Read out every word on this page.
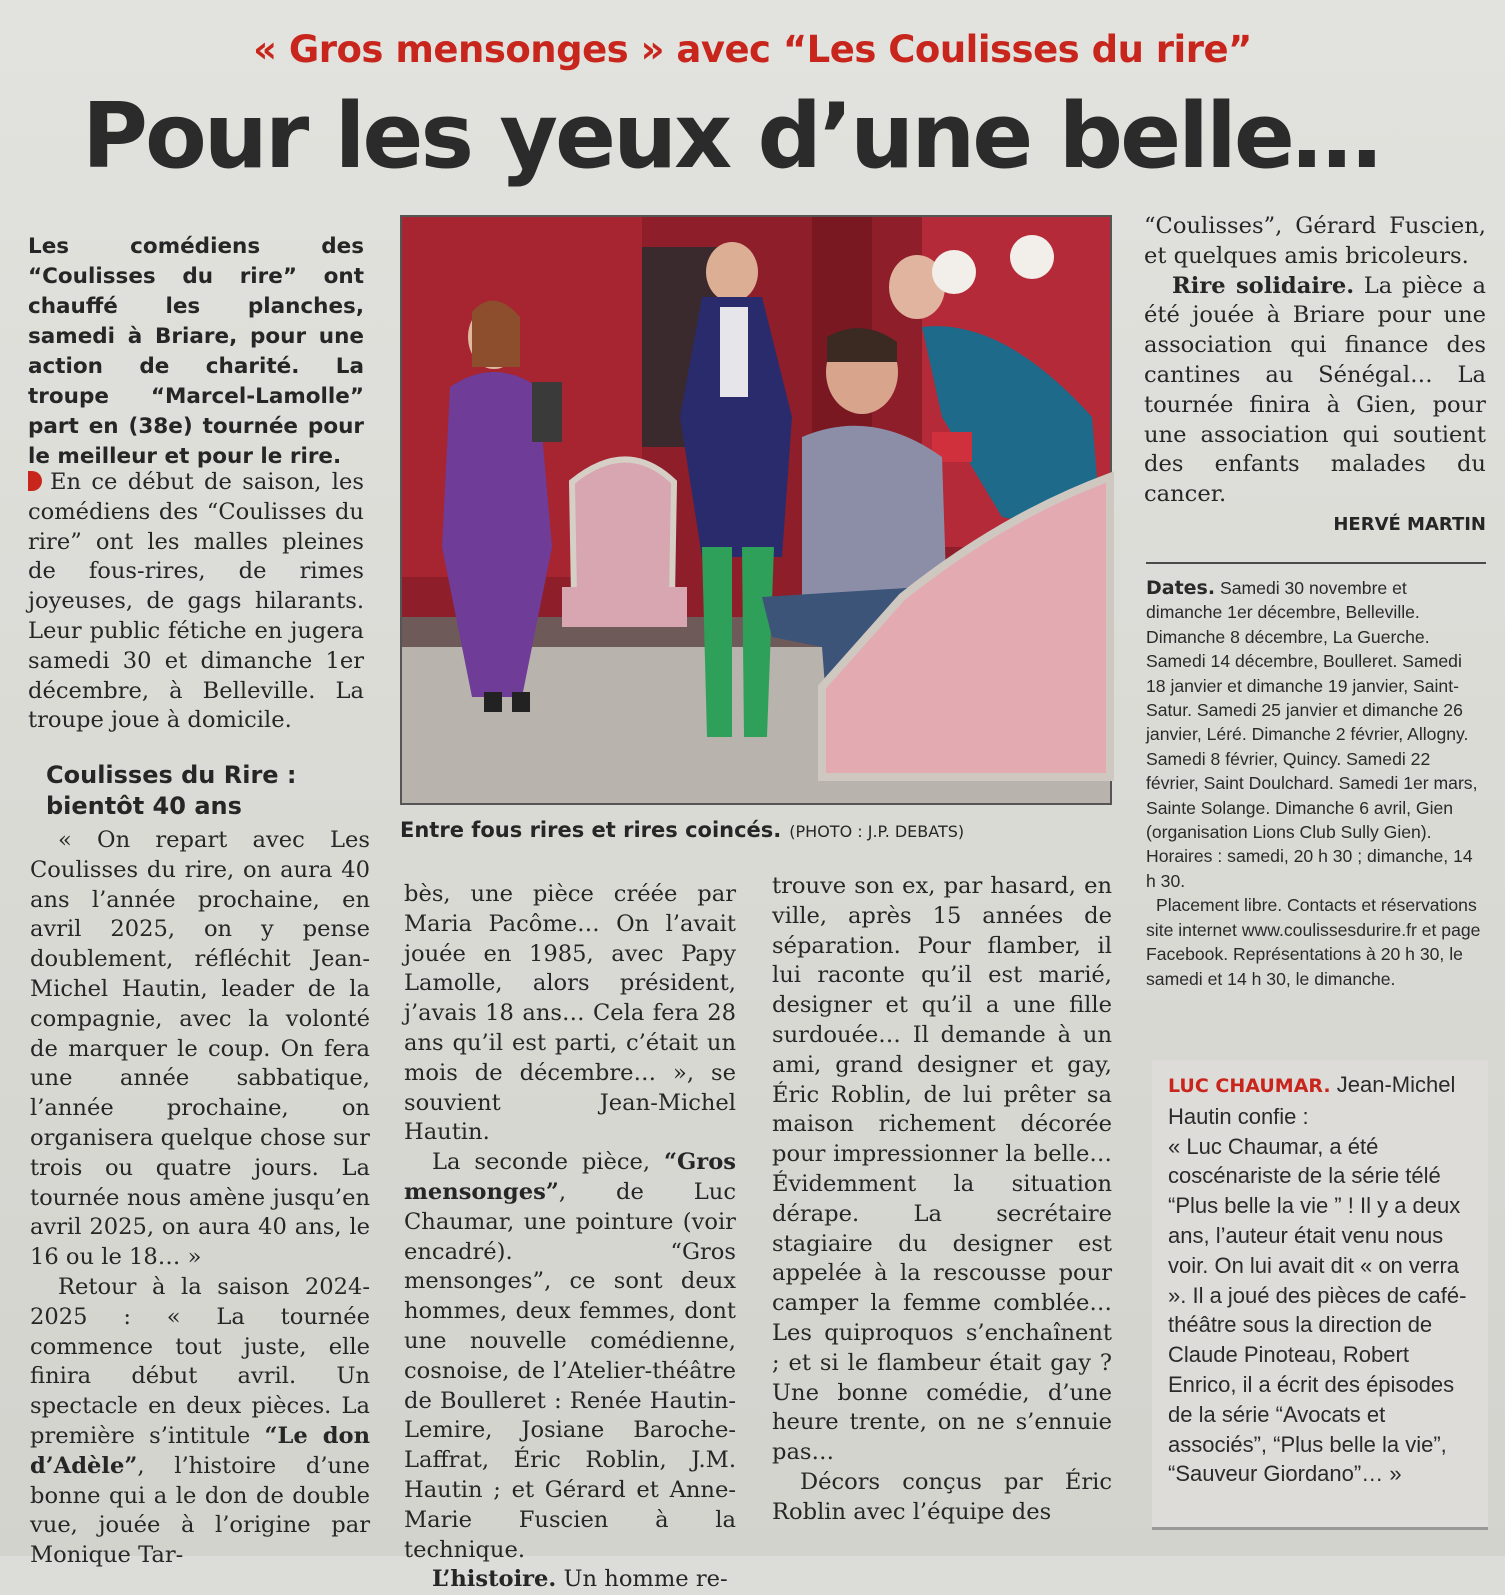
« Gros mensonges » avec “Les Coulisses du rire”
Pour les yeux d’une belle…
Les comédiens des “Coulisses du rire” ont chauffé les planches, samedi à Briare, pour une action de charité. La troupe “Marcel-Lamolle” part en (38e) tournée pour le meilleur et pour le rire.

En ce début de saison, les comédiens des “Coulisses du rire” ont les malles pleines de fous-rires, de rimes joyeuses, de gags hilarants. Leur public fétiche en jugera samedi 30 et dimanche 1er décembre, à Belleville. La troupe joue à domicile.

Coulisses du Rire : bientôt 40 ans

« On repart avec Les Coulisses du rire, on aura 40 ans l’année prochaine, en avril 2025, on y pense doublement, réfléchit Jean-Michel Hautin, leader de la compagnie, avec la volonté de marquer le coup. On fera une année sabbatique, l’année prochaine, on organisera quelque chose sur trois ou quatre jours. La tournée nous amène jusqu’en avril 2025, on aura 40 ans, le 16 ou le 18… »

Retour à la saison 2024-2025 : « La tournée commence tout juste, elle finira début avril. Un spectacle en deux pièces. La première s’intitule “Le don d’Adèle”, l’histoire d’une bonne qui a le don de double vue, jouée à l’origine par Monique Tar-

Entre fous rires et rires coincés. (PHOTO : J.P. DEBATS)

bès, une pièce créée par Maria Pacôme… On l’avait jouée en 1985, avec Papy Lamolle, alors président, j’avais 18 ans… Cela fera 28 ans qu’il est parti, c’était un mois de décembre… », se souvient Jean-Michel Hautin.

La seconde pièce, “Gros mensonges”, de Luc Chaumar, une pointure (voir encadré). “Gros mensonges”, ce sont deux hommes, deux femmes, dont une nouvelle comédienne, cosnoise, de l’Atelier-théâtre de Boulleret : Renée Hautin-Lemire, Josiane Baroche-Laffrat, Éric Roblin, J.M. Hautin ; et Gérard et Anne-Marie Fuscien à la technique.

L’histoire. Un homme re-

trouve son ex, par hasard, en ville, après 15 années de séparation. Pour flamber, il lui raconte qu’il est marié, designer et qu’il a une fille surdouée… Il demande à un ami, grand designer et gay, Éric Roblin, de lui prêter sa maison richement décorée pour impressionner la belle… Évidemment la situation dérape. La secrétaire stagiaire du designer est appelée à la rescousse pour camper la femme comblée… Les quiproquos s’enchaînent ; et si le flambeur était gay ? Une bonne comédie, d’une heure trente, on ne s’ennuie pas…

Décors conçus par Éric Roblin avec l’équipe des

“Coulisses”, Gérard Fuscien, et quelques amis bricoleurs.

Rire solidaire. La pièce a été jouée à Briare pour une association qui finance des cantines au Sénégal… La tournée finira à Gien, pour une association qui soutient des enfants malades du cancer.

HERVÉ MARTIN
Dates. Samedi 30 novembre et dimanche 1er décembre, Belleville. Dimanche 8 décembre, La Guerche. Samedi 14 décembre, Boulleret. Samedi 18 janvier et dimanche 19 janvier, Saint-Satur. Samedi 25 janvier et dimanche 26 janvier, Léré. Dimanche 2 février, Allogny. Samedi 8 février, Quincy. Samedi 22 février, Saint Doulchard. Samedi 1er mars, Sainte Solange. Dimanche 6 avril, Gien (organisation Lions Club Sully Gien). Horaires : samedi, 20 h 30 ; dimanche, 14 h 30.
Placement libre. Contacts et réservations site internet www.coulissesdurire.fr et page Facebook. Représentations à 20 h 30, le samedi et 14 h 30, le dimanche.
LUC CHAUMAR. Jean-Michel Hautin confie :
« Luc Chaumar, a été coscénariste de la série télé “Plus belle la vie ” ! Il y a deux ans, l’auteur était venu nous voir. On lui avait dit « on verra ». Il a joué des pièces de café-théâtre sous la direction de Claude Pinoteau, Robert Enrico, il a écrit des épisodes de la série “Avocats et associés”, “Plus belle la vie”, “Sauveur Giordano”… »
